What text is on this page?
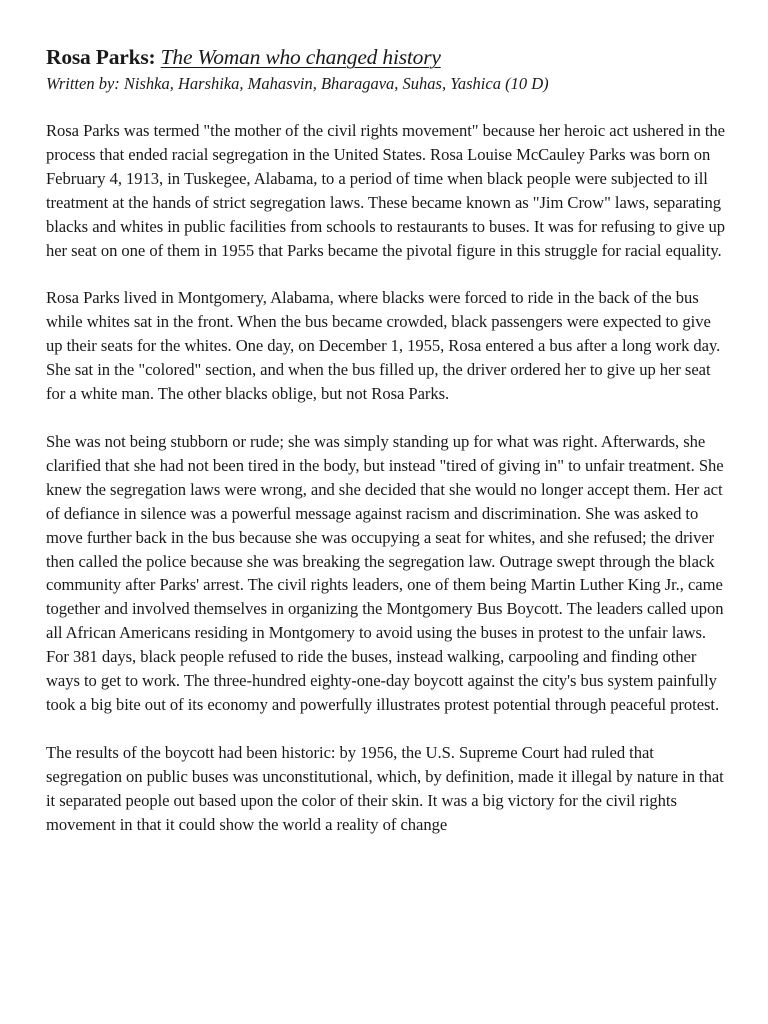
Rosa Parks: The Woman who changed history

Written by: Nishka, Harshika, Mahasvin, Bharagava, Suhas, Yashica (10 D)

Rosa Parks was termed "the mother of the civil rights movement" because her heroic act ushered in the process that ended racial segregation in the United States. Rosa Louise McCauley Parks was born on February 4, 1913, in Tuskegee, Alabama, to a period of time when black people were subjected to ill treatment at the hands of strict segregation laws. These became known as "Jim Crow" laws, separating blacks and whites in public facilities from schools to restaurants to buses. It was for refusing to give up her seat on one of them in 1955 that Parks became the pivotal figure in this struggle for racial equality.

Rosa Parks lived in Montgomery, Alabama, where blacks were forced to ride in the back of the bus while whites sat in the front. When the bus became crowded, black passengers were expected to give up their seats for the whites. One day, on December 1, 1955, Rosa entered a bus after a long work day. She sat in the "colored" section, and when the bus filled up, the driver ordered her to give up her seat for a white man. The other blacks oblige, but not Rosa Parks.

She was not being stubborn or rude; she was simply standing up for what was right. Afterwards, she clarified that she had not been tired in the body, but instead "tired of giving in" to unfair treatment. She knew the segregation laws were wrong, and she decided that she would no longer accept them. Her act of defiance in silence was a powerful message against racism and discrimination. She was asked to move further back in the bus because she was occupying a seat for whites, and she refused; the driver then called the police because she was breaking the segregation law. Outrage swept through the black community after Parks' arrest. The civil rights leaders, one of them being Martin Luther King Jr., came together and involved themselves in organizing the Montgomery Bus Boycott. The leaders called upon all African Americans residing in Montgomery to avoid using the buses in protest to the unfair laws. For 381 days, black people refused to ride the buses, instead walking, carpooling and finding other ways to get to work. The three-hundred eighty-one-day boycott against the city's bus system painfully took a big bite out of its economy and powerfully illustrates protest potential through peaceful protest.

The results of the boycott had been historic: by 1956, the U.S. Supreme Court had ruled that segregation on public buses was unconstitutional, which, by definition, made it illegal by nature in that it separated people out based upon the color of their skin. It was a big victory for the civil rights movement in that it could show the world a reality of change
